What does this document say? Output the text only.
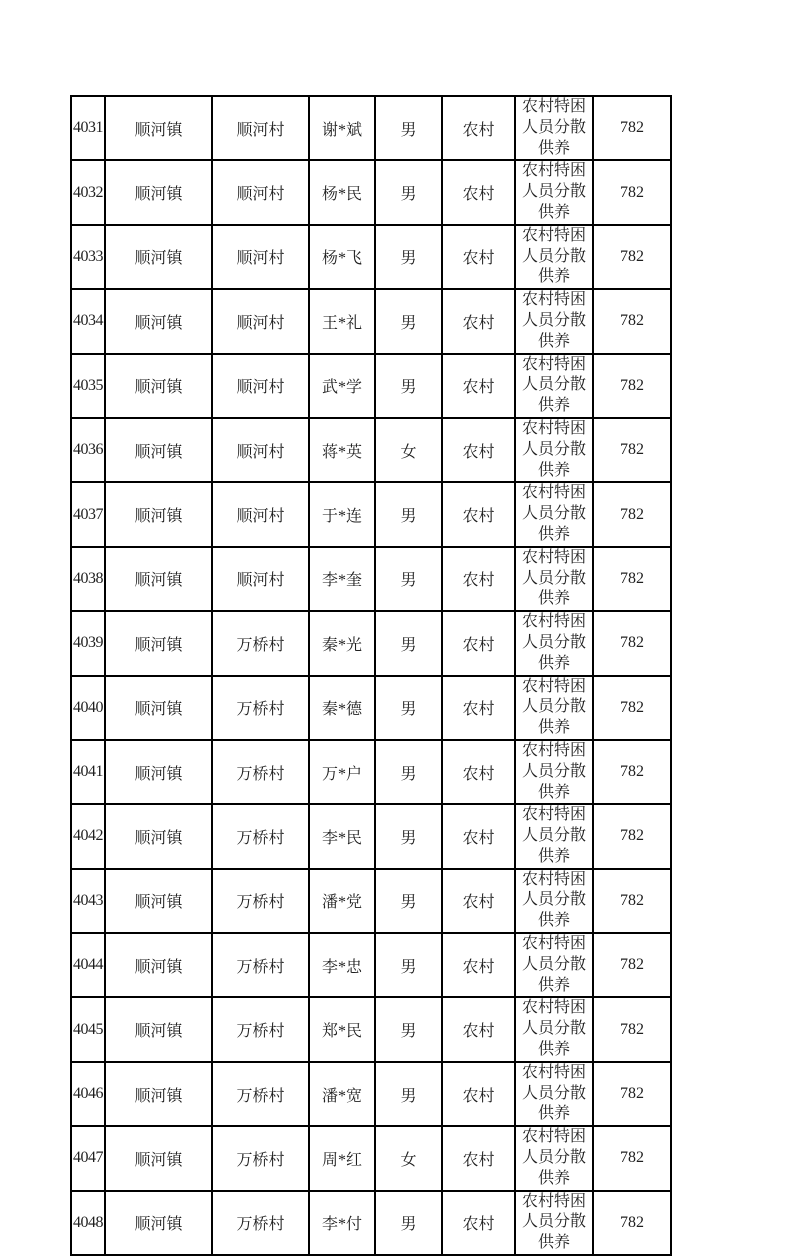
4031	顺河镇	顺河村	谢*斌	男	农村	农村特困人员分散供养	782
4032	顺河镇	顺河村	杨*民	男	农村	农村特困人员分散供养	782
4033	顺河镇	顺河村	杨*飞	男	农村	农村特困人员分散供养	782
4034	顺河镇	顺河村	王*礼	男	农村	农村特困人员分散供养	782
4035	顺河镇	顺河村	武*学	男	农村	农村特困人员分散供养	782
4036	顺河镇	顺河村	蒋*英	女	农村	农村特困人员分散供养	782
4037	顺河镇	顺河村	于*连	男	农村	农村特困人员分散供养	782
4038	顺河镇	顺河村	李*奎	男	农村	农村特困人员分散供养	782
4039	顺河镇	万桥村	秦*光	男	农村	农村特困人员分散供养	782
4040	顺河镇	万桥村	秦*德	男	农村	农村特困人员分散供养	782
4041	顺河镇	万桥村	万*户	男	农村	农村特困人员分散供养	782
4042	顺河镇	万桥村	李*民	男	农村	农村特困人员分散供养	782
4043	顺河镇	万桥村	潘*党	男	农村	农村特困人员分散供养	782
4044	顺河镇	万桥村	李*忠	男	农村	农村特困人员分散供养	782
4045	顺河镇	万桥村	郑*民	男	农村	农村特困人员分散供养	782
4046	顺河镇	万桥村	潘*宽	男	农村	农村特困人员分散供养	782
4047	顺河镇	万桥村	周*红	女	农村	农村特困人员分散供养	782
4048	顺河镇	万桥村	李*付	男	农村	农村特困人员分散供养	782
